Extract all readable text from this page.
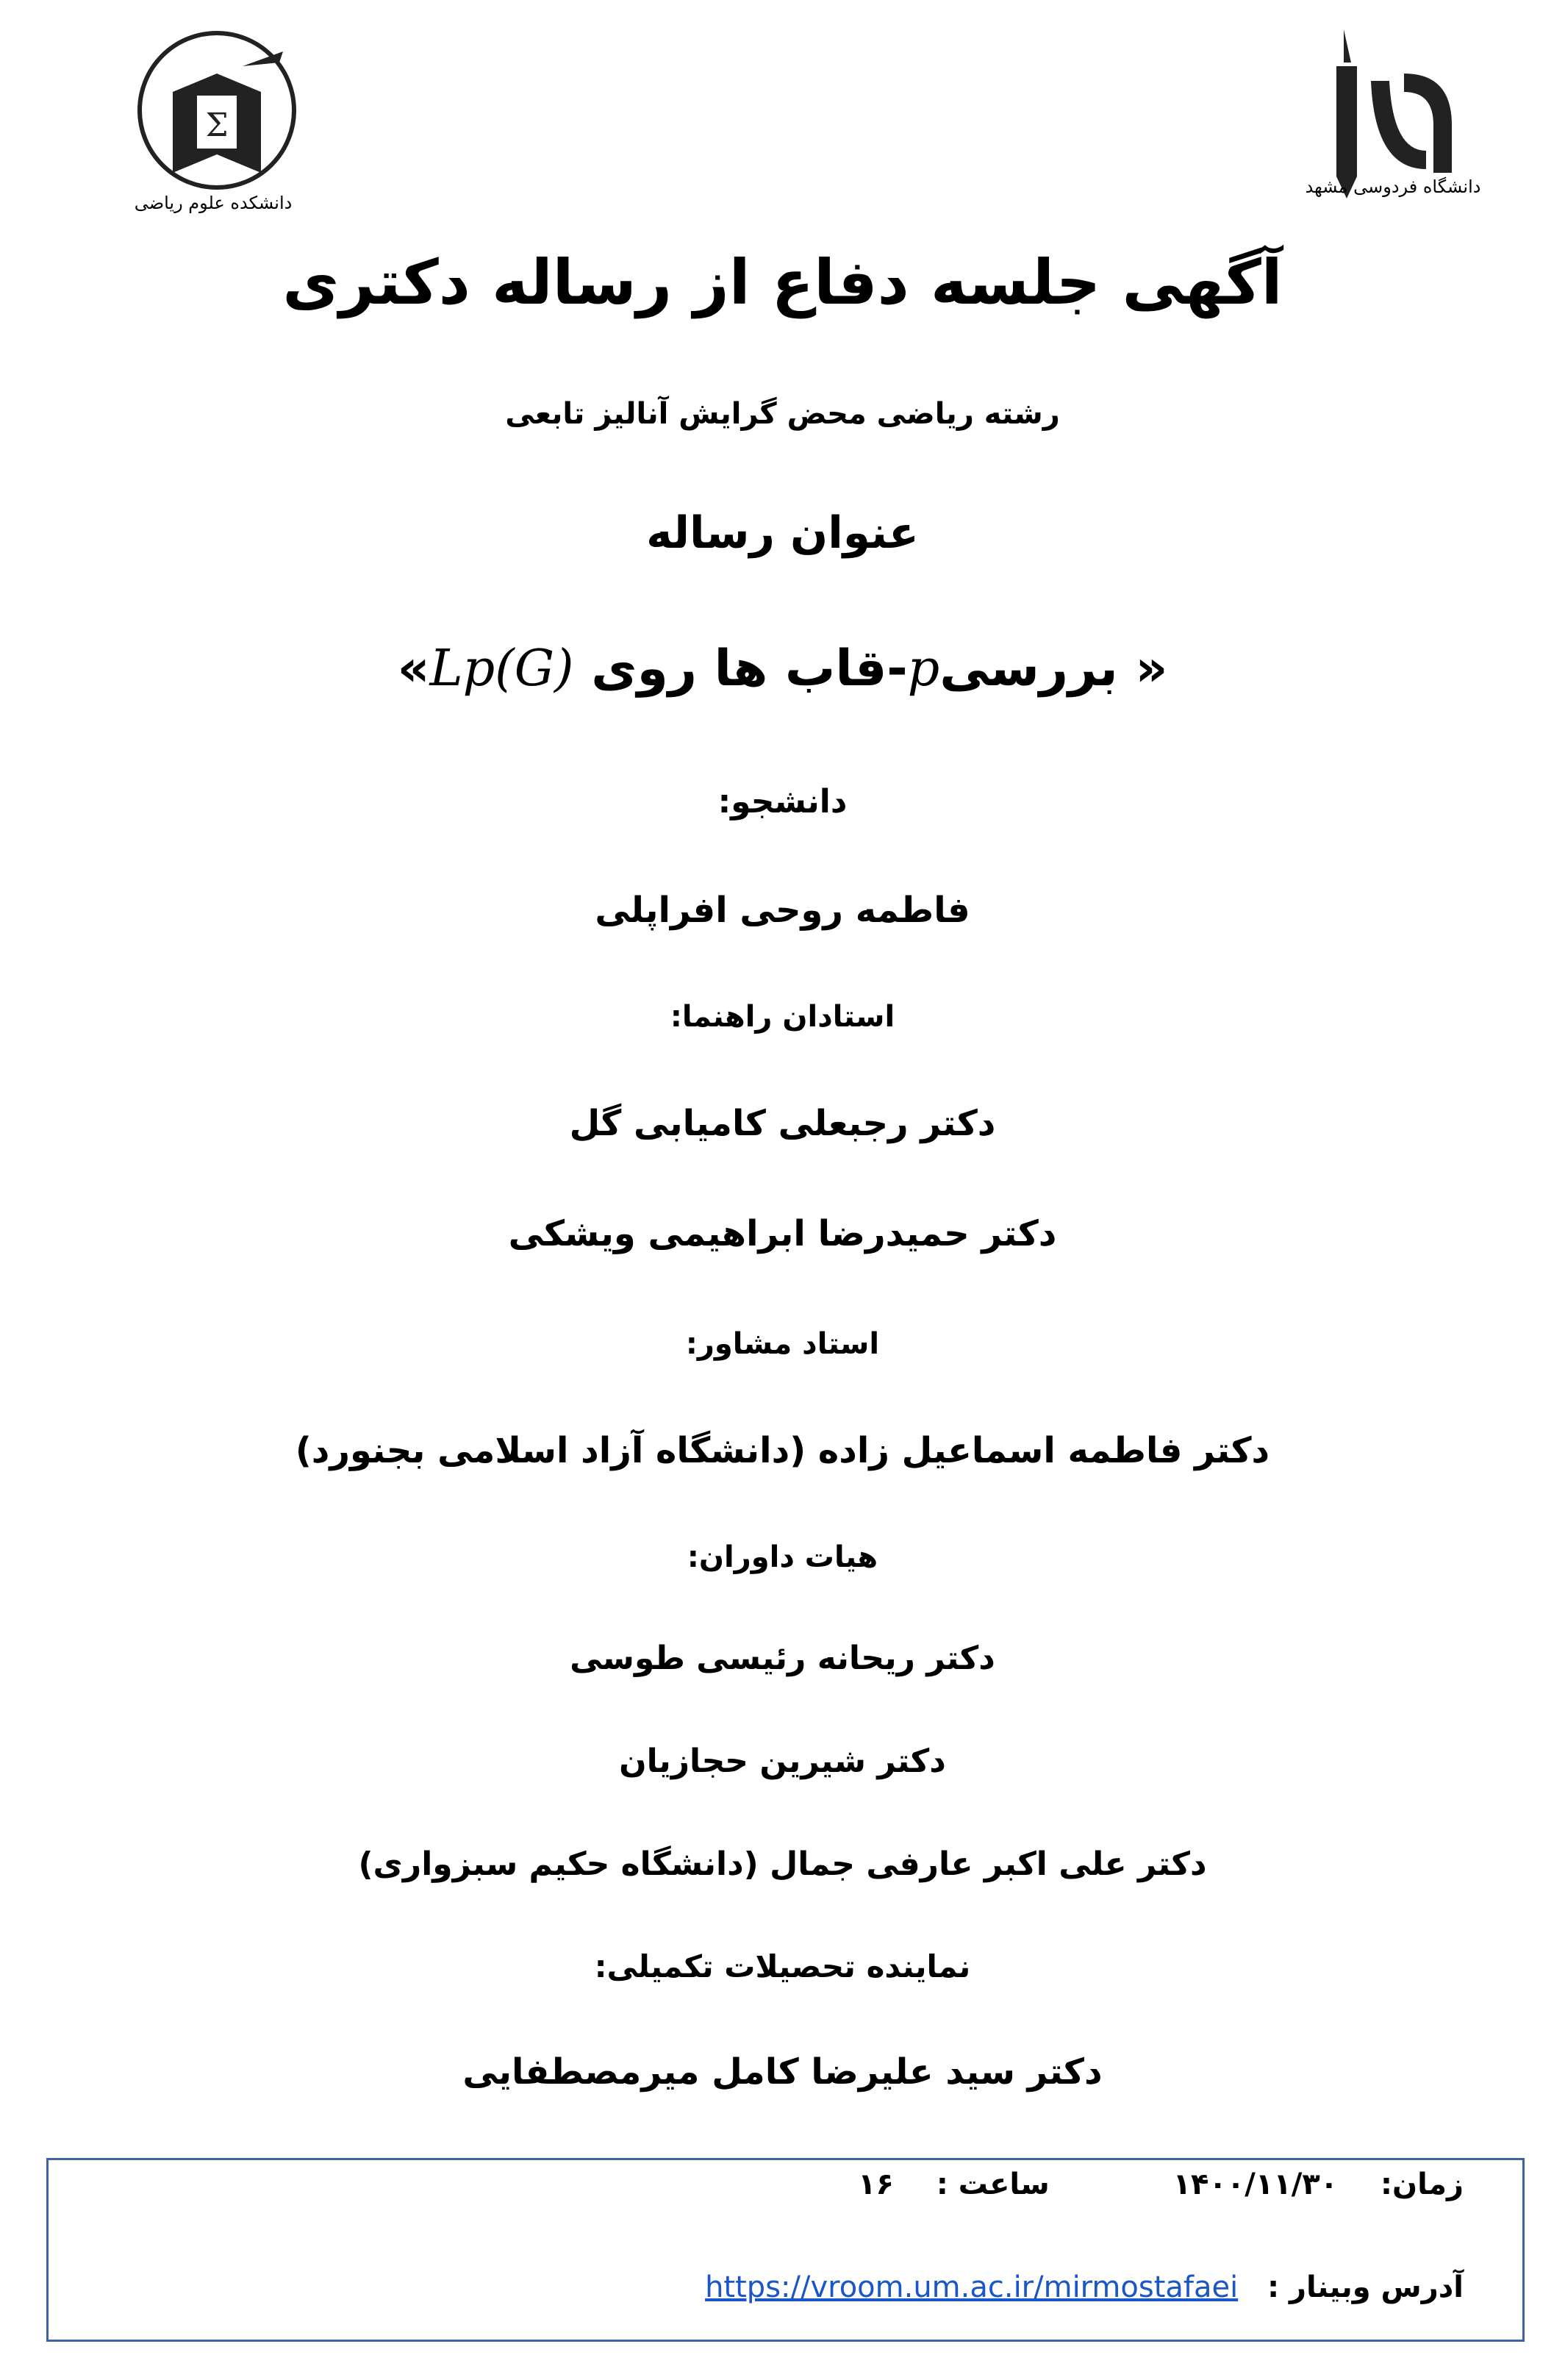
Σ
دانشکده علوم ریاضی
دانشگاه فردوسی مشهد
آگهی جلسه دفاع از رساله دکتری
رشته ریاضی محض گرایش آنالیز تابعی
عنوان رساله
« بررسیp-قاب ها روی Lp(G)»
دانشجو:
فاطمه روحی افراپلی
استادان راهنما:
دکتر رجبعلی کامیابی گل
دکتر حمیدرضا ابراهیمی ویشکی
استاد مشاور:
دکتر فاطمه اسماعیل زاده (دانشگاه آزاد اسلامی بجنورد)
هیات داوران:
دکتر ریحانه رئیسی طوسی
دکتر شیرین حجازیان
دکتر علی اکبر عارفی جمال (دانشگاه حکیم سبزواری)
نماینده تحصیلات تکمیلی:
دکتر سید علیرضا کامل میرمصطفایی
زمان:  ۱۴۰۰/۱۱/۳۰  ساعت :  ۱۶
آدرس وبینار :  https://vroom.um.ac.ir/mirmostafaei
